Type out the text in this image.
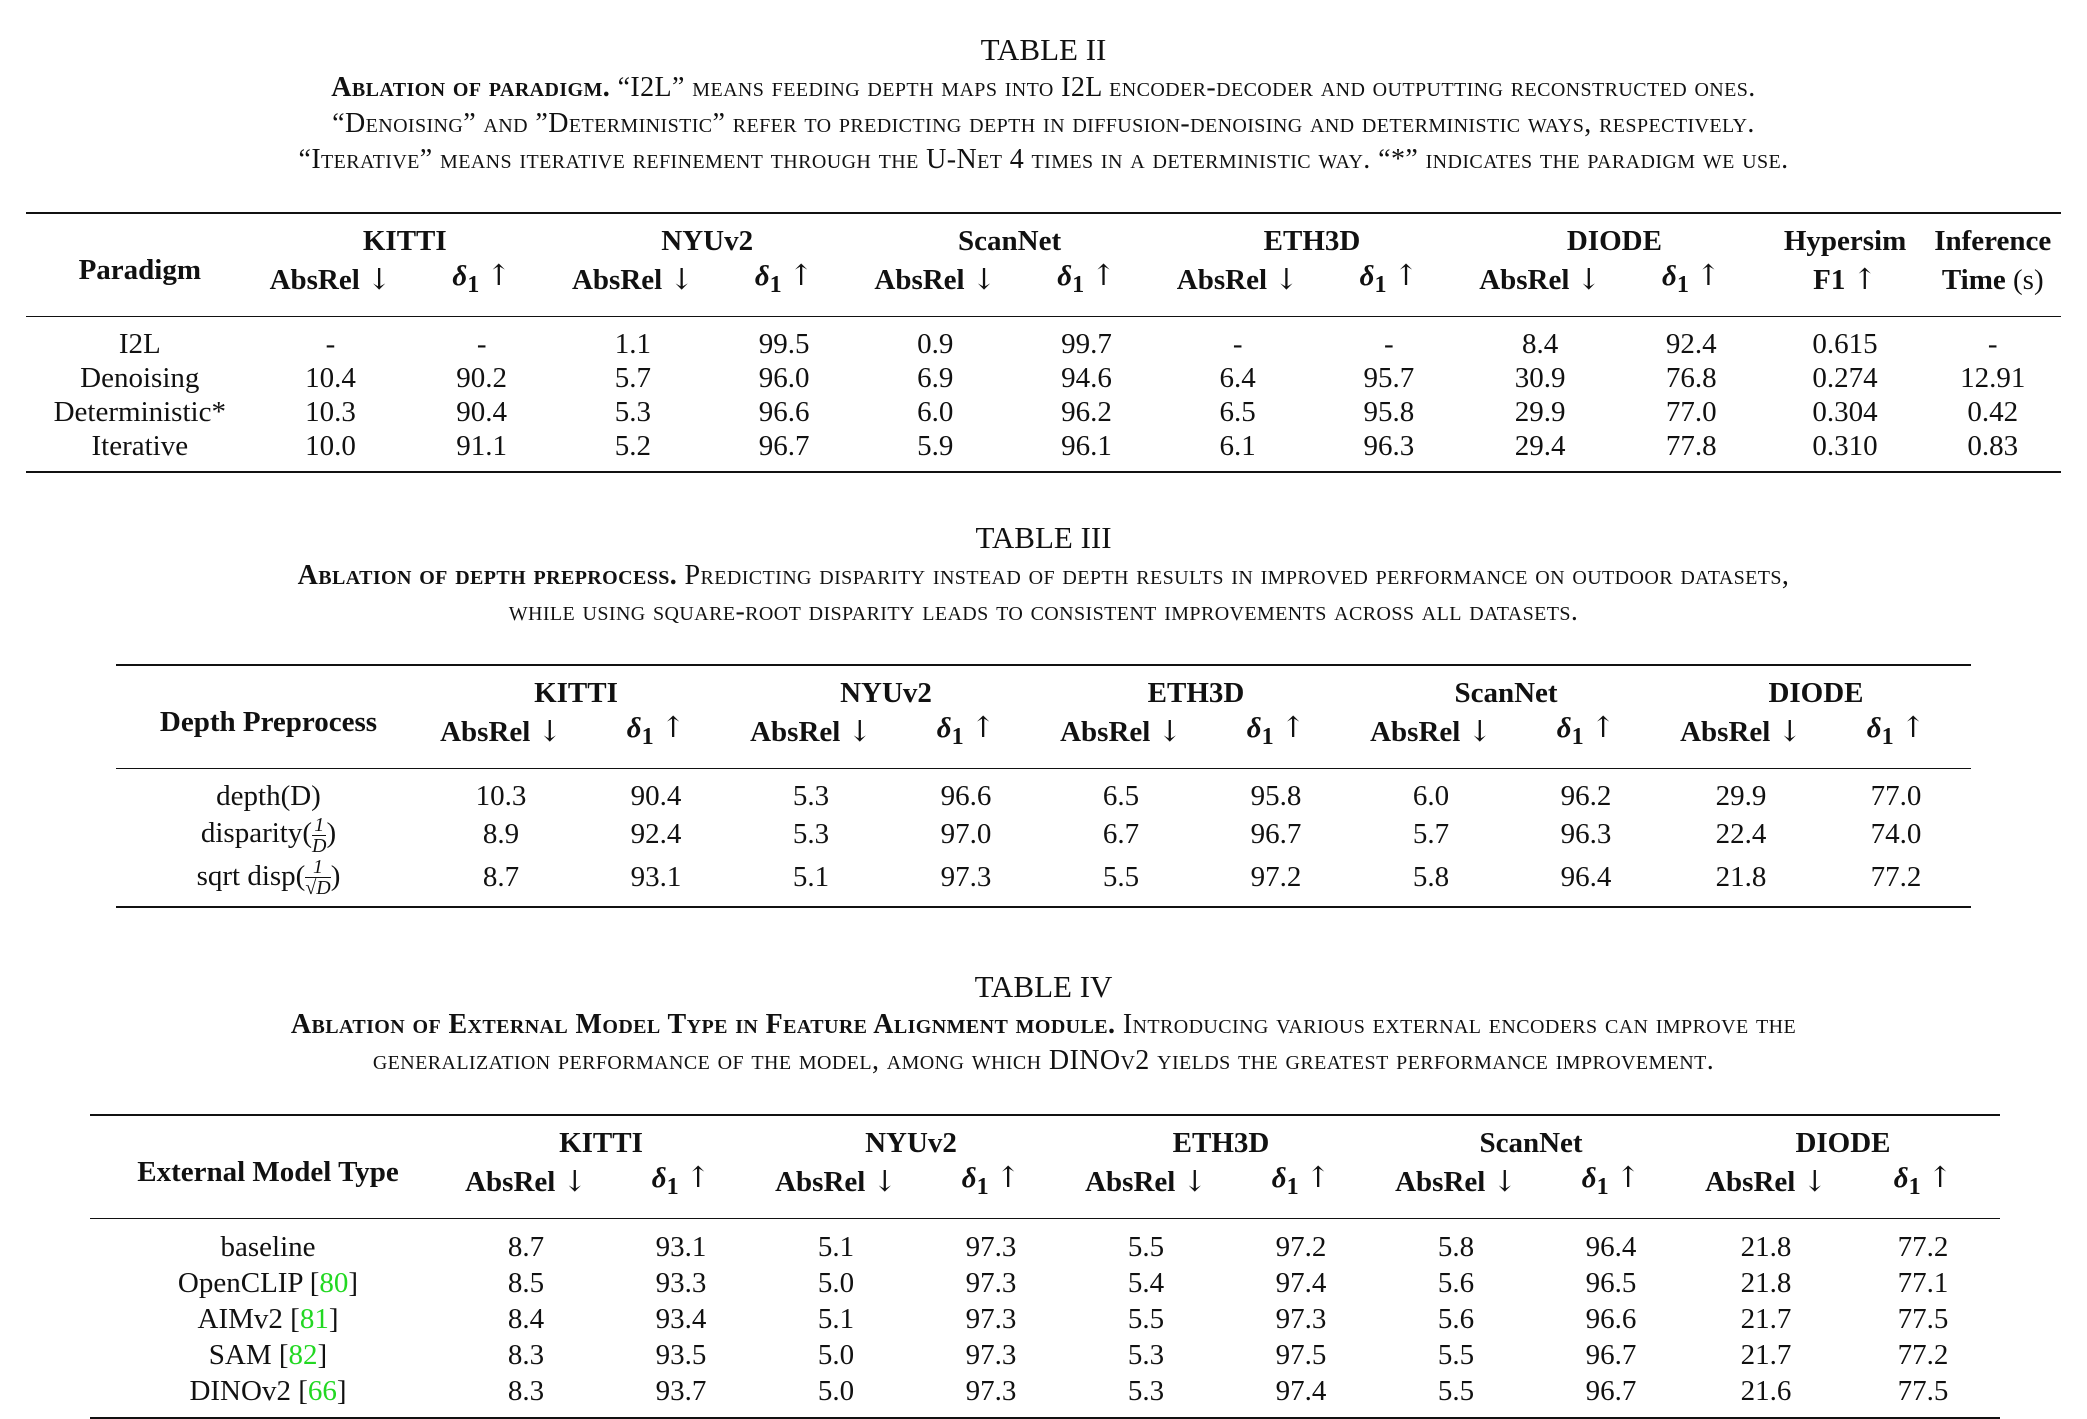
TABLE II
Ablation of paradigm. “I2L” means feeding depth maps into I2L encoder-decoder and outputting reconstructed ones.
“Denoising” and ”Deterministic” refer to predicting depth in diffusion-denoising and deterministic ways, respectively.
“Iterative” means iterative refinement through the U-Net 4 times in a deterministic way. “*” indicates the paradigm we use.
Paradigm	KITTI		NYUv2		ScanNet		ETH3D		DIODE		Hypersim	Inference
	AbsRel ↓	$\delta_1$ ↑	AbsRel ↓	$\delta_1$ ↑	AbsRel ↓	$\delta_1$ ↑	AbsRel ↓	$\delta_1$ ↑	AbsRel ↓	$\delta_1$ ↑	F1 ↑	Time (s)
I2L	-	-	1.1	99.5	0.9	99.7	-	-	8.4	92.4	0.615	-
Denoising	10.4	90.2	5.7	96.0	6.9	94.6	6.4	95.7	30.9	76.8	0.274	12.91
Deterministic*	10.3	90.4	5.3	96.6	6.0	96.2	6.5	95.8	29.9	77.0	0.304	0.42
Iterative	10.0	91.1	5.2	96.7	5.9	96.1	6.1	96.3	29.4	77.8	0.310	0.83
TABLE III
Ablation of depth preprocess. Predicting disparity instead of depth results in improved performance on outdoor datasets,
while using square-root disparity leads to consistent improvements across all datasets.
Depth Preprocess	KITTI		NYUv2		ETH3D		ScanNet		DIODE	
	AbsRel ↓	$\delta_1$ ↑	AbsRel ↓	$\delta_1$ ↑	AbsRel ↓	$\delta_1$ ↑	AbsRel ↓	$\delta_1$ ↑	AbsRel ↓	$\delta_1$ ↑
depth(D)	10.3	90.4	5.3	96.6	6.5	95.8	6.0	96.2	29.9	77.0
disparity( $\frac{1}{D}$ )	8.9	92.4	5.3	97.0	6.7	96.7	5.7	96.3	22.4	74.0
sqrt disp( $\frac{1}{√D}$ )	8.7	93.1	5.1	97.3	5.5	97.2	5.8	96.4	21.8	77.2
TABLE IV
Ablation of External Model Type in Feature Alignment module. Introducing various external encoders can improve the
generalization performance of the model, among which DINOv2 yields the greatest performance improvement.
External Model Type	KITTI		NYUv2		ETH3D		ScanNet		DIODE	
	AbsRel ↓	$\delta_1$ ↑	AbsRel ↓	$\delta_1$ ↑	AbsRel ↓	$\delta_1$ ↑	AbsRel ↓	$\delta_1$ ↑	AbsRel ↓	$\delta_1$ ↑
baseline	8.7	93.1	5.1	97.3	5.5	97.2	5.8	96.4	21.8	77.2
OpenCLIP [80]	8.5	93.3	5.0	97.3	5.4	97.4	5.6	96.5	21.8	77.1
AIMv2 [81]	8.4	93.4	5.1	97.3	5.5	97.3	5.6	96.6	21.7	77.5
SAM [82]	8.3	93.5	5.0	97.3	5.3	97.5	5.5	96.7	21.7	77.2
DINOv2 [66]	8.3	93.7	5.0	97.3	5.3	97.4	5.5	96.7	21.6	77.5
